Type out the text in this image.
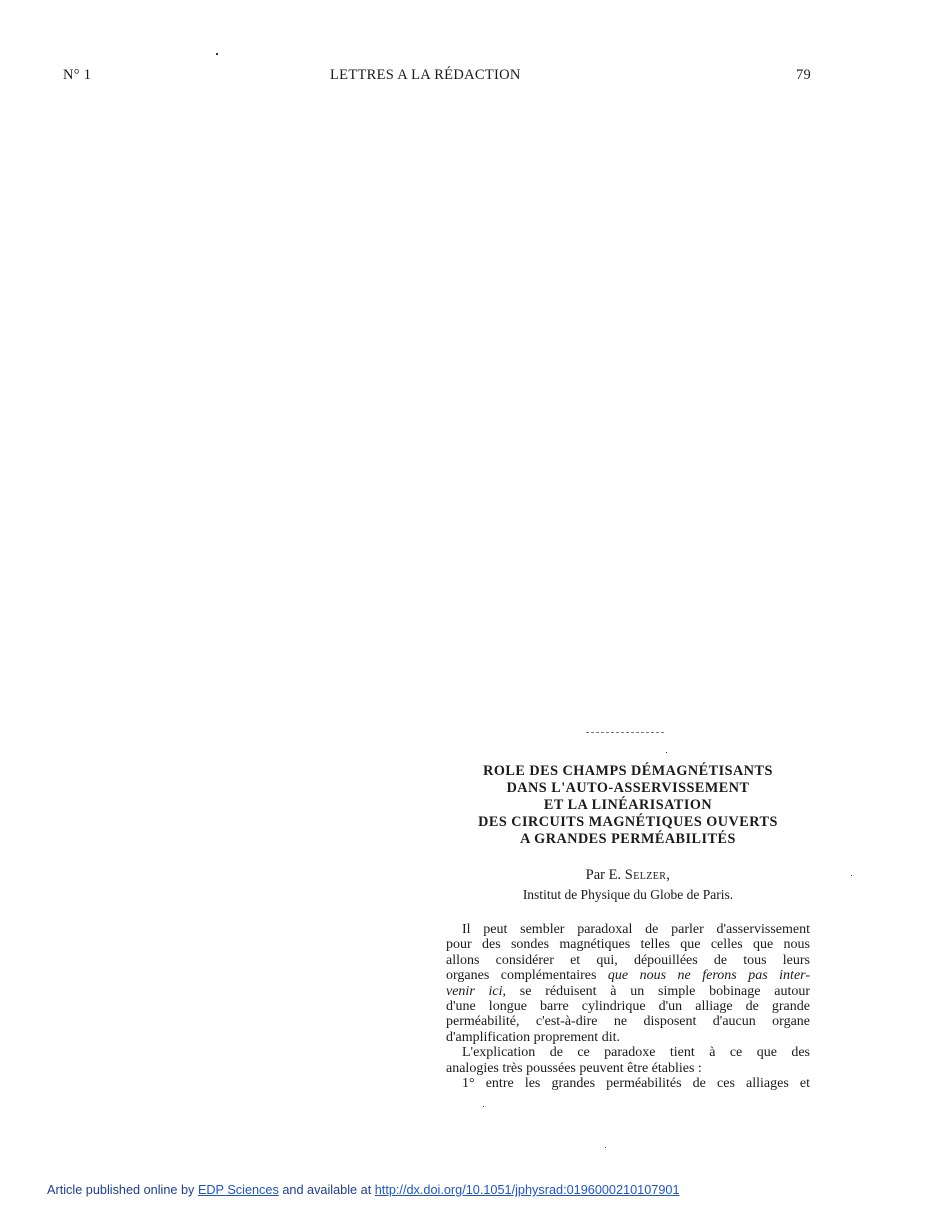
N° 1	LETTRES A LA RÉDACTION	79
ROLE DES CHAMPS DÉMAGNÉTISANTS
DANS L'AUTO-ASSERVISSEMENT
ET LA LINÉARISATION
DES CIRCUITS MAGNÉTIQUES OUVERTS
A GRANDES PERMÉABILITÉS
Par E. Selzer,
Institut de Physique du Globe de Paris.
Il peut sembler paradoxal de parler d'asservissement
pour des sondes magnétiques telles que celles que nous
allons considérer et qui, dépouillées de tous leurs
organes complémentaires que nous ne ferons pas inter-
venir ici, se réduisent à un simple bobinage autour
d'une longue barre cylindrique d'un alliage de grande
perméabilité, c'est-à-dire ne disposent d'aucun organe
d'amplification proprement dit.
L'explication de ce paradoxe tient à ce que des
analogies très poussées peuvent être établies :
1° entre les grandes perméabilités de ces alliages et
Article published online by EDP Sciences and available at http://dx.doi.org/10.1051/jphysrad:0196000210107901
